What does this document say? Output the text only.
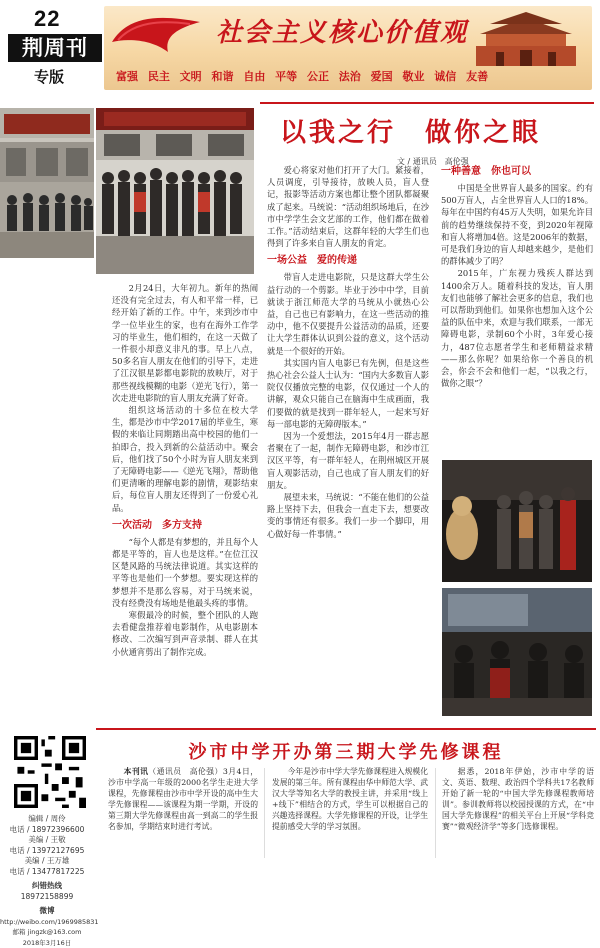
22
荆周刊
专版
社会主义核心价值观
富强 民主 文明 和谐 自由 平等 公正 法治 爱国 敬业 诚信 友善
编辑 / 周伶
电话 / 18972396600
美编 / 王敬
电话 / 13972127695
美编 / 王万雄
电话 / 13477817225
纠错热线
18972158899
微博
http://weibo.com/1969985831
邮箱 jingzk@163.com
2018年3月16日
以我之行　做你之眼
文 / 通讯员　高伦强

2月24日，大年初九。新年的热闹还没有完全过去，有人和平常一样，已经开始了新的工作。中午，来到沙市中学一位毕业生的家，也有在海外工作学习的毕业生，他们相约，在这一天做了一件很小却意义非凡的事。早上八点，50多名盲人朋友在他们的引导下，走进了江汉银星影都电影院的放映厅，对于那些视线模糊的电影（逆光飞行），第一次走进电影院的盲人朋友充满了好奇。

组织这场活动的十多位在校大学生，都是沙市中学2017届的毕业生，寒假的来临让同期踏出高中校园的他们一拍即合，投入到新的公益活动中。聚会后，他们找了50个小时为盲人朋友来到了无障碍电影——《逆光飞翔》，帮助他们更清晰的理解电影的剧情，观影结束后，每位盲人朋友还得到了一份爱心礼品。

一次活动　多方支持

“每个人都是有梦想的，并且每个人都是平等的，盲人也是这样。”在位江汉区楚风路的马统法律说道。其实这样的平等也是他们一个梦想。要实现这样的梦想并不是那么容易，对于马统来说，没有经费没有场地是他最头疼的事情。

寒假最冷的时候，整个团队的人跑去看健盘推荐着电影制作，从电影剧本修改、二次编写到声音录制、群人在其小伙通宵剪出了制作完成。

爱心将家对他们打开了大门。紧接着，人员调度，引导接待，放映人员，盲人登记，报影等活动方案也都让整个团队都凝聚成了起来。马统说：“活动组织场地后，在沙市中学学生会文艺部的工作，他们都在做着工作。”活动结束后，这群年轻的大学生们也得到了许多来自盲人朋友的肯定。

一场公益　爱的传递

带盲人走进电影院，只是这群大学生公益行动的一个剪影。毕业于沙中中学，目前就读于浙江师范大学的马统从小就热心公益，自己也已有影响力，在这一些活动的推动中，他不仅要提升公益活动的品质，还要让大学生群体认识到公益的意义，这个活动就是一个很好的开始。

其实国内盲人电影已有先例，但是这些热心社会公益人士认为：“国内大多数盲人影院仅仅播放完整的电影，仅仅通过一个人的讲解，观众只能自己在脑海中生成画面，我们要做的就是找到一群年轻人，一起来写好每一部电影的无障碍版本。”

因为一个爱想法，2015年4月一群志愿者聚在了一起，制作无障碍电影，和沙市江汉区平等，有一群年轻人，在荆州城区开展盲人观影活动，自己也成了盲人朋友们的好朋友。

展望未来，马统说：“不能在他们的公益路上坚持下去，但我会一直走下去，想要改变的事情还有很多。我们一步一个脚印，用心做好每一件事情。”

一种善意　你也可以

中国是全世界盲人最多的国家。约有500万盲人，占全世界盲人人口的18%。每年在中国约有45万人失明，如果允许目前的趋势继续保持不变，到2020年视障和盲人将增加4倍。这是2006年的数据，可是我们身边的盲人却越来越少，是他们的群体减少了吗？

2015年，广东视力残疾人群达到1400余万人。随着科技的发达，盲人朋友们也能够了解社会更多的信息，我们也可以帮助到他们。如果你也想加入这个公益的队伍中来，欢迎与我们联系，一部无障碍电影，录制60个小时，3年爱心接力，487位志愿者学生和老师精益求精——那么你呢？如果给你一个善良的机会，你会不会和他们一起，“以我之行，做你之眼”？

沙市中学开办第三期大学先修课程

本刊讯（通讯员　高伦强）3月4日，沙市中学高一年级的2000名学生走进大学课程，先修课程由沙市中学开设的高中生大学先修课程——该课程为期一学期，开设的第三期大学先修课程由高一到高二的学生报名参加，学期结束时进行考试。

今年是沙市中学大学先修课程进入规模化发展的第三年。所有课程由华中师范大学、武汉大学等知名大学的教授主讲，并采用“线上+线下”相结合的方式，学生可以根据自己的兴趣选择课程。大学先修课程的开设，让学生提前感受大学的学习氛围。

据悉，2018年伊始，沙市中学的语文、英语、数理、政治四个学科共17名教师开始了新一轮的“中国大学先修课程教师培训”。参训教师将以校园授课的方式，在“中国大学先修课程”的相关平台上开展“学科竞赛”“微观经济学”等多门选修课程。
